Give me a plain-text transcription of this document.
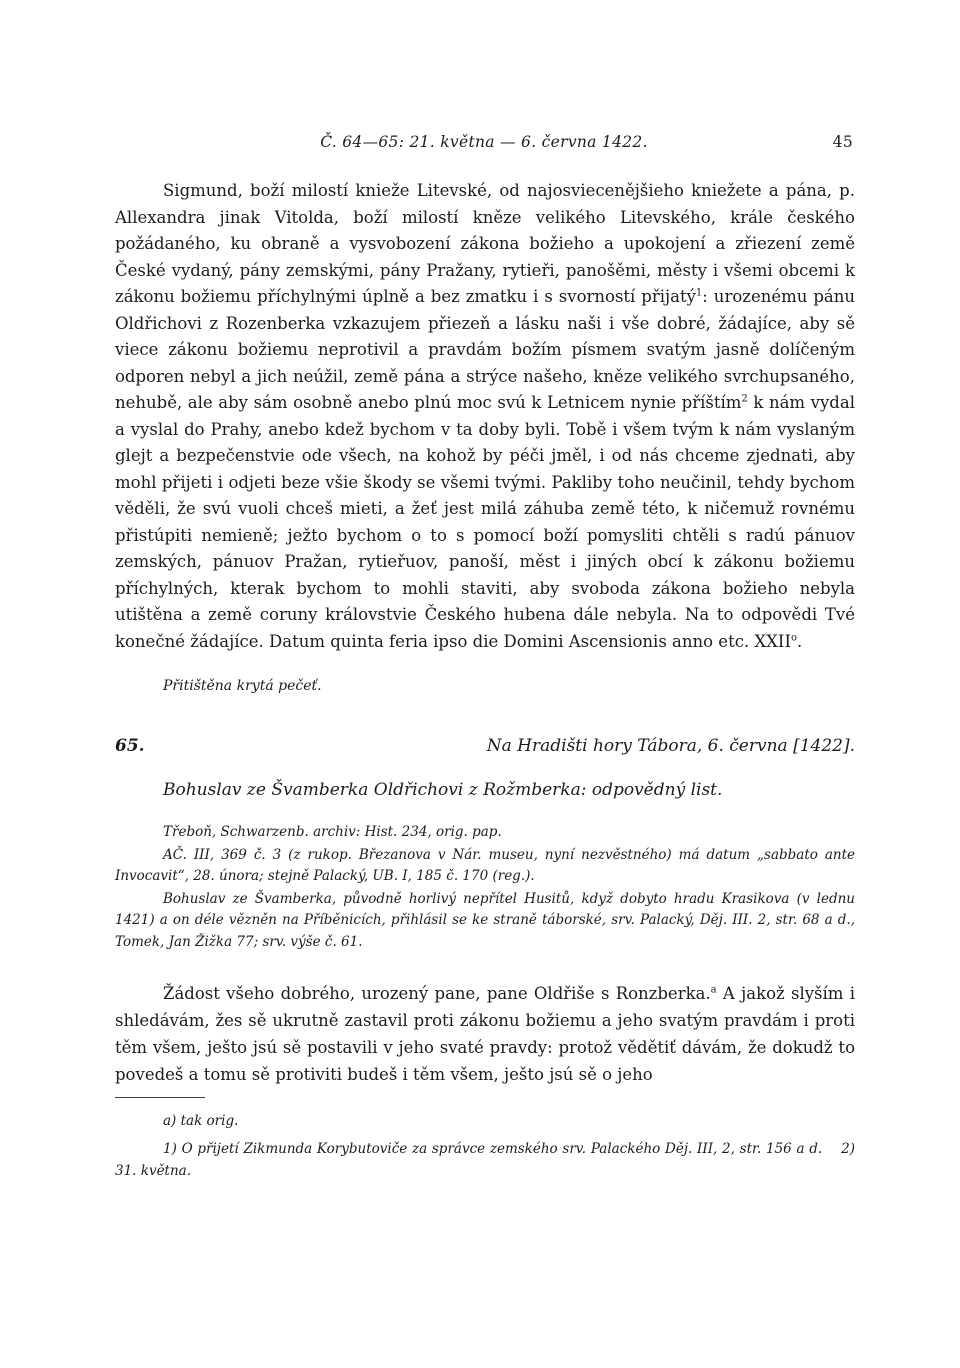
Č. 64—65: 21. května — 6. června 1422.	45

Sigmund, boží milostí knieže Litevské, od najosviecenějšieho kniežete a pána, p. Allexandra jinak Vitolda, boží milostí kněze velikého Litevského, krále českého požádaného, ku obraně a vysvobození zákona božieho a upokojení a zřiezení země České vydaný, pány zemskými, pány Pražany, rytieři, panošěmi, městy i všemi obcemi k zákonu božiemu příchylnými úplně a bez zmatku i s svorností přijatý$^1$: urozenému pánu Oldřichovi z Rozenberka vzkazujem přiezeň a lásku naši i vše dobré, žádajíce, aby sě viece zákonu božiemu neprotivil a pravdám božím písmem svatým jasně dolíčeným odporen nebyl a jich neúžil, země pána a strýce našeho, kněze velikého svrchupsaného, nehubě, ale aby sám osobně anebo plnú moc svú k Letnicem nynie příštím$^2$ k nám vydal a vyslal do Prahy, anebo kdež bychom v ta doby byli. Tobě i všem tvým k nám vyslaným glejt a bezpečenstvie ode všech, na kohož by péči jměl, i od nás chceme zjednati, aby mohl přijeti i odjeti beze všie škody se všemi tvými. Pakliby toho neučinil, tehdy bychom věděli, že svú vuoli chceš mieti, a žeť jest milá záhuba země této, k ničemuž rovnému přistúpiti nemieně; ježto bychom o to s pomocí boží pomysliti chtěli s radú pánuov zemských, pánuov Pražan, rytieřuov, panoší, měst i jiných obcí k zákonu božiemu příchylných, kterak bychom to mohli staviti, aby svoboda zákona božieho nebyla utištěna a země coruny královstvie Českého hubena dále nebyla. Na to odpovědi Tvé konečné žádajíce. Datum quinta feria ipso die Domini Ascensionis anno etc. XXII$^o$.

Přitištěna krytá pečeť.
65.	Na Hradišti hory Tábora, 6. června [1422].
Bohuslav ze Švamberka Oldřichovi z Rožmberka: odpovědný list.

Třeboň, Schwarzenb. archiv: Hist. 234, orig. pap.

AČ. III, 369 č. 3 (z rukop. Březanova v Nár. museu, nyní nezvěstného) má datum „sabbato ante Invocavit“, 28. února; stejně Palacký, UB. I, 185 č. 170 (reg.).

Bohuslav ze Švamberka, původně horlivý nepřítel Husitů, když dobyto hradu Krasikova (v lednu 1421) a on déle vězněn na Příběnicích, přihlásil se ke straně táborské, srv. Palacký, Děj. III. 2, str. 68 a d., Tomek, Jan Žižka 77; srv. výše č. 61.

Žádost všeho dobrého, urozený pane, pane Oldřiše s Ronzberka.$^a$ A jakož slyším i shledávám, žes sě ukrutně zastavil proti zákonu božiemu a jeho svatým pravdám i proti těm všem, ješto jsú sě postavili v jeho svaté pravdy: protož vědětiť dávám, že dokudž to povedeš a tomu sě protiviti budeš i těm všem, ješto jsú sě o jeho

a) tak orig.

1) O přijetí Zikmunda Korybutoviče za správce zemského srv. Palackého Děj. III, 2, str. 156 a d. 2) 31. května.
